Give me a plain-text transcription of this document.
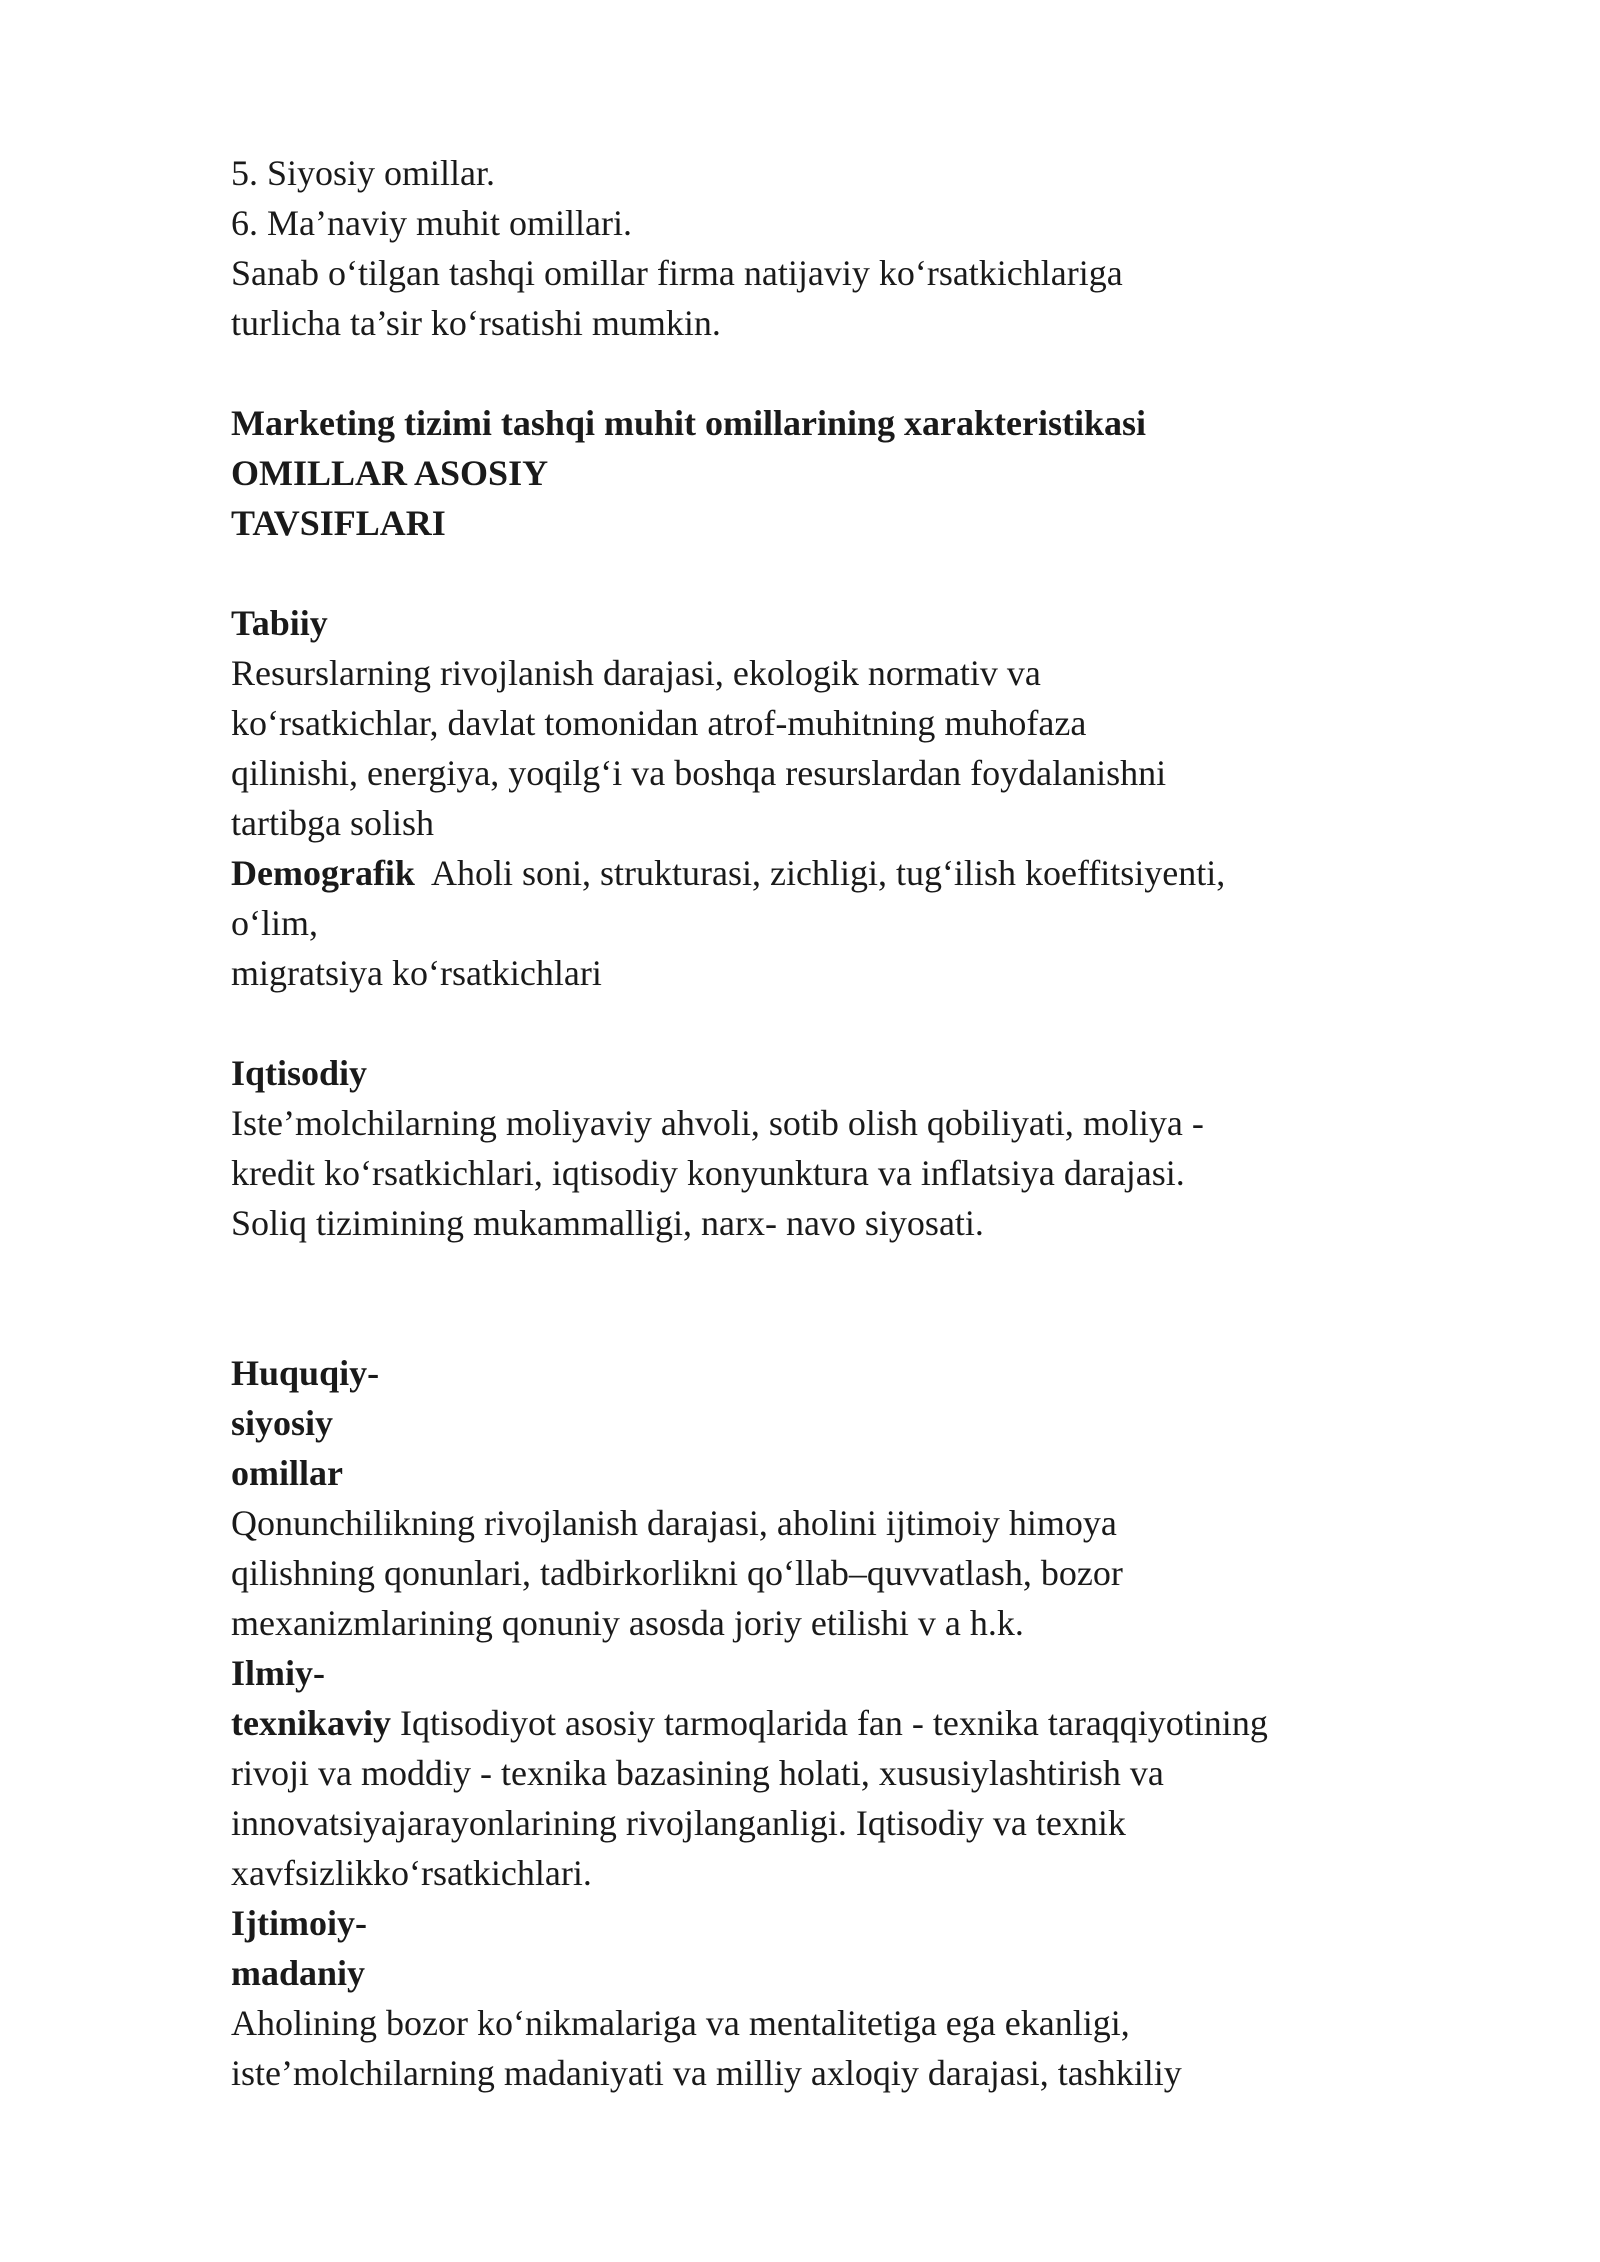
5. Siyosiy omillar.
6. Ma’naviy muhit omillari.
Sanab o‘tilgan tashqi omillar firma natijaviy ko‘rsatkichlariga
turlicha ta’sir ko‘rsatishi mumkin.
Marketing tizimi tashqi muhit omillarining xarakteristikasi
OMILLAR ASOSIY
TAVSIFLARI
Tabiiy
Resurslarning rivojlanish darajasi, ekologik normativ va
ko‘rsatkichlar, davlat tomonidan atrof-muhitning muhofaza
qilinishi, energiya, yoqilg‘i va boshqa resurslardan foydalanishni
tartibga solish
Demografik  Aholi soni, strukturasi, zichligi, tug‘ilish koeffitsiyenti,
o‘lim,
migratsiya ko‘rsatkichlari
Iqtisodiy
Iste’molchilarning moliyaviy ahvoli, sotib olish qobiliyati, moliya -
kredit ko‘rsatkichlari, iqtisodiy konyunktura va inflatsiya darajasi.
Soliq tizimining mukammalligi, narx- navo siyosati.
Huquqiy-
siyosiy
omillar
Qonunchilikning rivojlanish darajasi, aholini ijtimoiy himoya
qilishning qonunlari, tadbirkorlikni qo‘llab–quvvatlash, bozor
mexanizmlarining qonuniy asosda joriy etilishi v a h.k.
Ilmiy-
texnikaviy Iqtisodiyot asosiy tarmoqlarida fan - texnika taraqqiyotining
rivoji va moddiy - texnika bazasining holati, xususiylashtirish va
innovatsiyajarayonlarining rivojlanganligi. Iqtisodiy va texnik
xavfsizlikko‘rsatkichlari.
Ijtimoiy-
madaniy
Aholining bozor ko‘nikmalariga va mentalitetiga ega ekanligi,
iste’molchilarning madaniyati va milliy axloqiy darajasi, tashkiliy
